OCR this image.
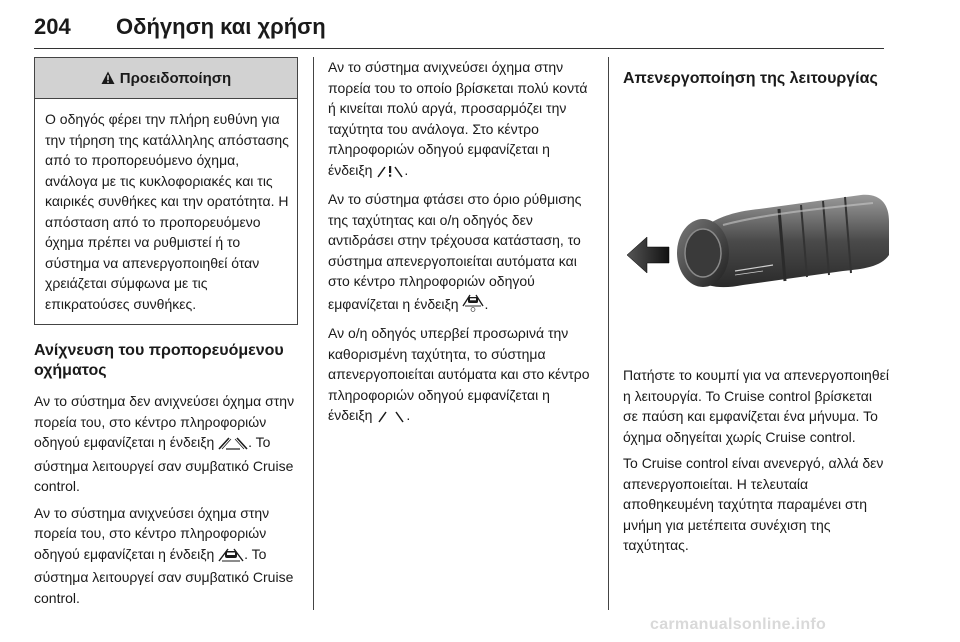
204 Οδήγηση και χρήση
Προειδοποίηση

Ο οδηγός φέρει την πλήρη ευθύνη για την τήρηση της κατάλληλης απόστασης από το προπορευόμενο όχημα, ανάλογα με τις κυκλοφοριακές και τις καιρικές συνθήκες και την ορατότητα. Η απόσταση από το προπορευόμενο όχημα πρέπει να ρυθμιστεί ή το σύστημα να απενεργοποιηθεί όταν χρειάζεται σύμφωνα με τις επικρατούσες συνθήκες.

Ανίχνευση του προπορευόμενου οχήματος

Αν το σύστημα δεν ανιχνεύσει όχημα στην πορεία του, στο κέντρο πληροφοριών οδηγού εμφανίζεται η ένδειξη . Το σύστημα λειτουργεί σαν συμβατικό Cruise control.

Αν το σύστημα ανιχνεύσει όχημα στην πορεία του, στο κέντρο πληροφοριών οδηγού εμφανίζεται η ένδειξη . Το σύστημα λειτουργεί σαν συμβατικό Cruise control.

Αν το σύστημα ανιχνεύσει όχημα στην πορεία του το οποίο βρίσκεται πολύ κοντά ή κινείται πολύ αργά, προσαρμόζει την ταχύτητα του ανάλογα. Στο κέντρο πληροφοριών οδηγού εμφανίζεται η ένδειξη .

Αν το σύστημα φτάσει στο όριο ρύθμισης της ταχύτητας και ο/η οδηγός δεν αντιδράσει στην τρέχουσα κατάσταση, το σύστημα απενεργοποιείται αυτόματα και στο κέντρο πληροφοριών οδηγού εμφανίζεται η ένδειξη .

Αν ο/η οδηγός υπερβεί προσωρινά την καθορισμένη ταχύτητα, το σύστημα απενεργοποιείται αυτόματα και στο κέντρο πληροφοριών οδηγού εμφανίζεται η ένδειξη .

Απενεργοποίηση της λειτουργίας

Πατήστε το κουμπί για να απενεργοποιηθεί η λειτουργία. Το Cruise control βρίσκεται σε παύση και εμφανίζεται ένα μήνυμα. Το όχημα οδηγείται χωρίς Cruise control.

Το Cruise control είναι ανενεργό, αλλά δεν απενεργοποιείται. Η τελευταία αποθηκευμένη ταχύτητα παραμένει στη μνήμη για μετέπειτα συνέχιση της ταχύτητας.

carmanualsonline.info
